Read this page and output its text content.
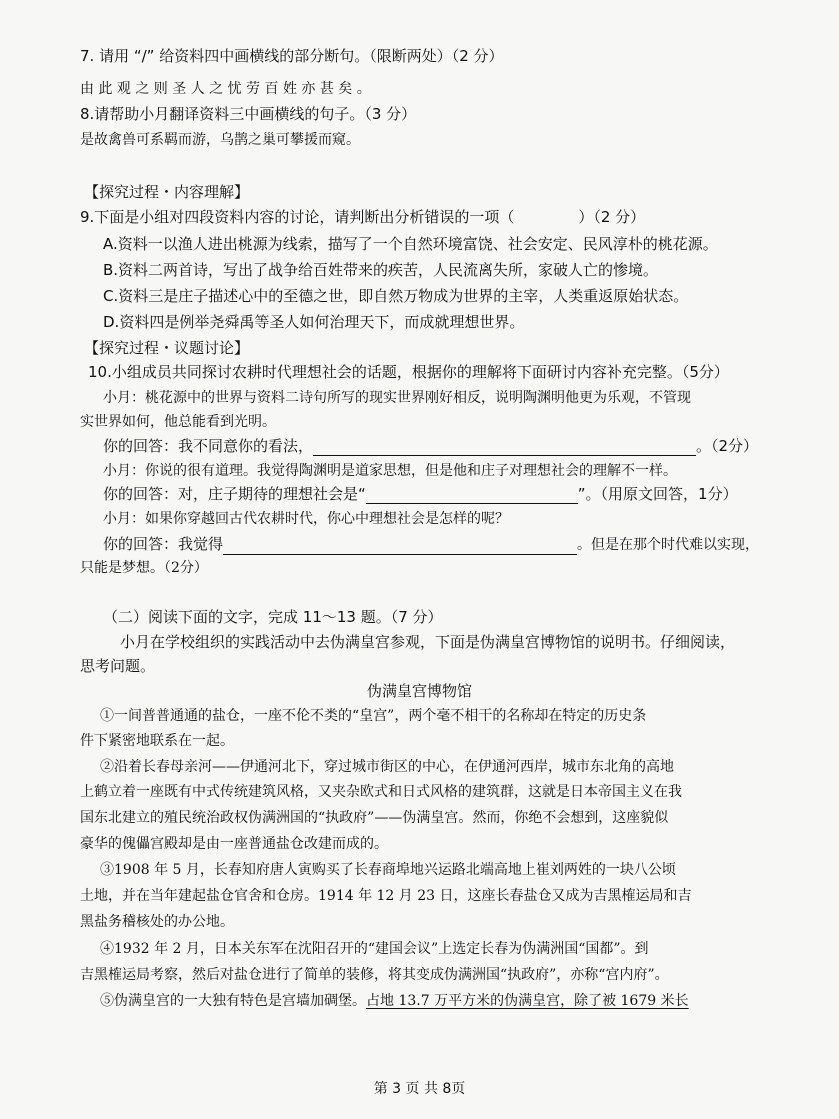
7. 请用 “/” 给资料四中画横线的部分断句。（限断两处）（2 分）
由 此 观 之 则 圣 人 之 忧 劳 百 姓 亦 甚 矣 。
8.请帮助小月翻译资料三中画横线的句子。（3 分）
是故禽兽可系羁而游，乌鹊之巢可攀援而窥。
【探究过程・内容理解】
9.下面是小组对四段资料内容的讨论，请判断出分析错误的一项（	）（2 分）
A.资料一以渔人进出桃源为线索，描写了一个自然环境富饶、社会安定、民风淳朴的桃花源。
B.资料二两首诗，写出了战争给百姓带来的疾苦，人民流离失所，家破人亡的惨境。
C.资料三是庄子描述心中的至德之世，即自然万物成为世界的主宰，人类重返原始状态。
D.资料四是例举尧舜禹等圣人如何治理天下，而成就理想世界。
【探究过程・议题讨论】
10.小组成员共同探讨农耕时代理想社会的话题，根据你的理解将下面研讨内容补充完整。（5分）
小月：桃花源中的世界与资料二诗句所写的现实世界刚好相反，说明陶渊明他更为乐观，不管现
实世界如何，他总能看到光明。
你的回答：我不同意你的看法，	。（2分）
小月：你说的很有道理。我觉得陶渊明是道家思想，但是他和庄子对理想社会的理解不一样。
你的回答：对，庄子期待的理想社会是“	”。（用原文回答，1分）
小月：如果你穿越回古代农耕时代，你心中理想社会是怎样的呢？
你的回答：我觉得	。但是在那个时代难以实现，
只能是梦想。（2分）
（二）阅读下面的文字，完成 11～13 题。（7 分）
小月在学校组织的实践活动中去伪满皇宫参观，下面是伪满皇宫博物馆的说明书。仔细阅读，
思考问题。
伪满皇宫博物馆
①一间普普通通的盐仓，一座不伦不类的“皇宫”，两个毫不相干的名称却在特定的历史条
件下紧密地联系在一起。
②沿着长春母亲河——伊通河北下，穿过城市街区的中心，在伊通河西岸，城市东北角的高地
上鹤立着一座既有中式传统建筑风格，又夹杂欧式和日式风格的建筑群，这就是日本帝国主义在我
国东北建立的殖民统治政权伪满洲国的“执政府”——伪满皇宫。然而，你绝不会想到，这座貌似
豪华的傀儡宫殿却是由一座普通盐仓改建而成的。
③1908 年 5 月，长春知府唐人寅购买了长春商埠地兴运路北端高地上崔刘两姓的一块八公顷
土地，并在当年建起盐仓官舍和仓房。1914 年 12 月 23 日，这座长春盐仓又成为吉黑榷运局和吉
黑盐务稽核处的办公地。
④1932 年 2 月，日本关东军在沈阳召开的“建国会议”上选定长春为伪满洲国“国都”。到
吉黑榷运局考察，然后对盐仓进行了简单的装修，将其变成伪满洲国“执政府”，亦称“宫内府”。
⑤伪满皇宫的一大独有特色是宫墙加碉堡。占地 13.7 万平方米的伪满皇宫，除了被 1679 米长
第 3 页 共 8页
